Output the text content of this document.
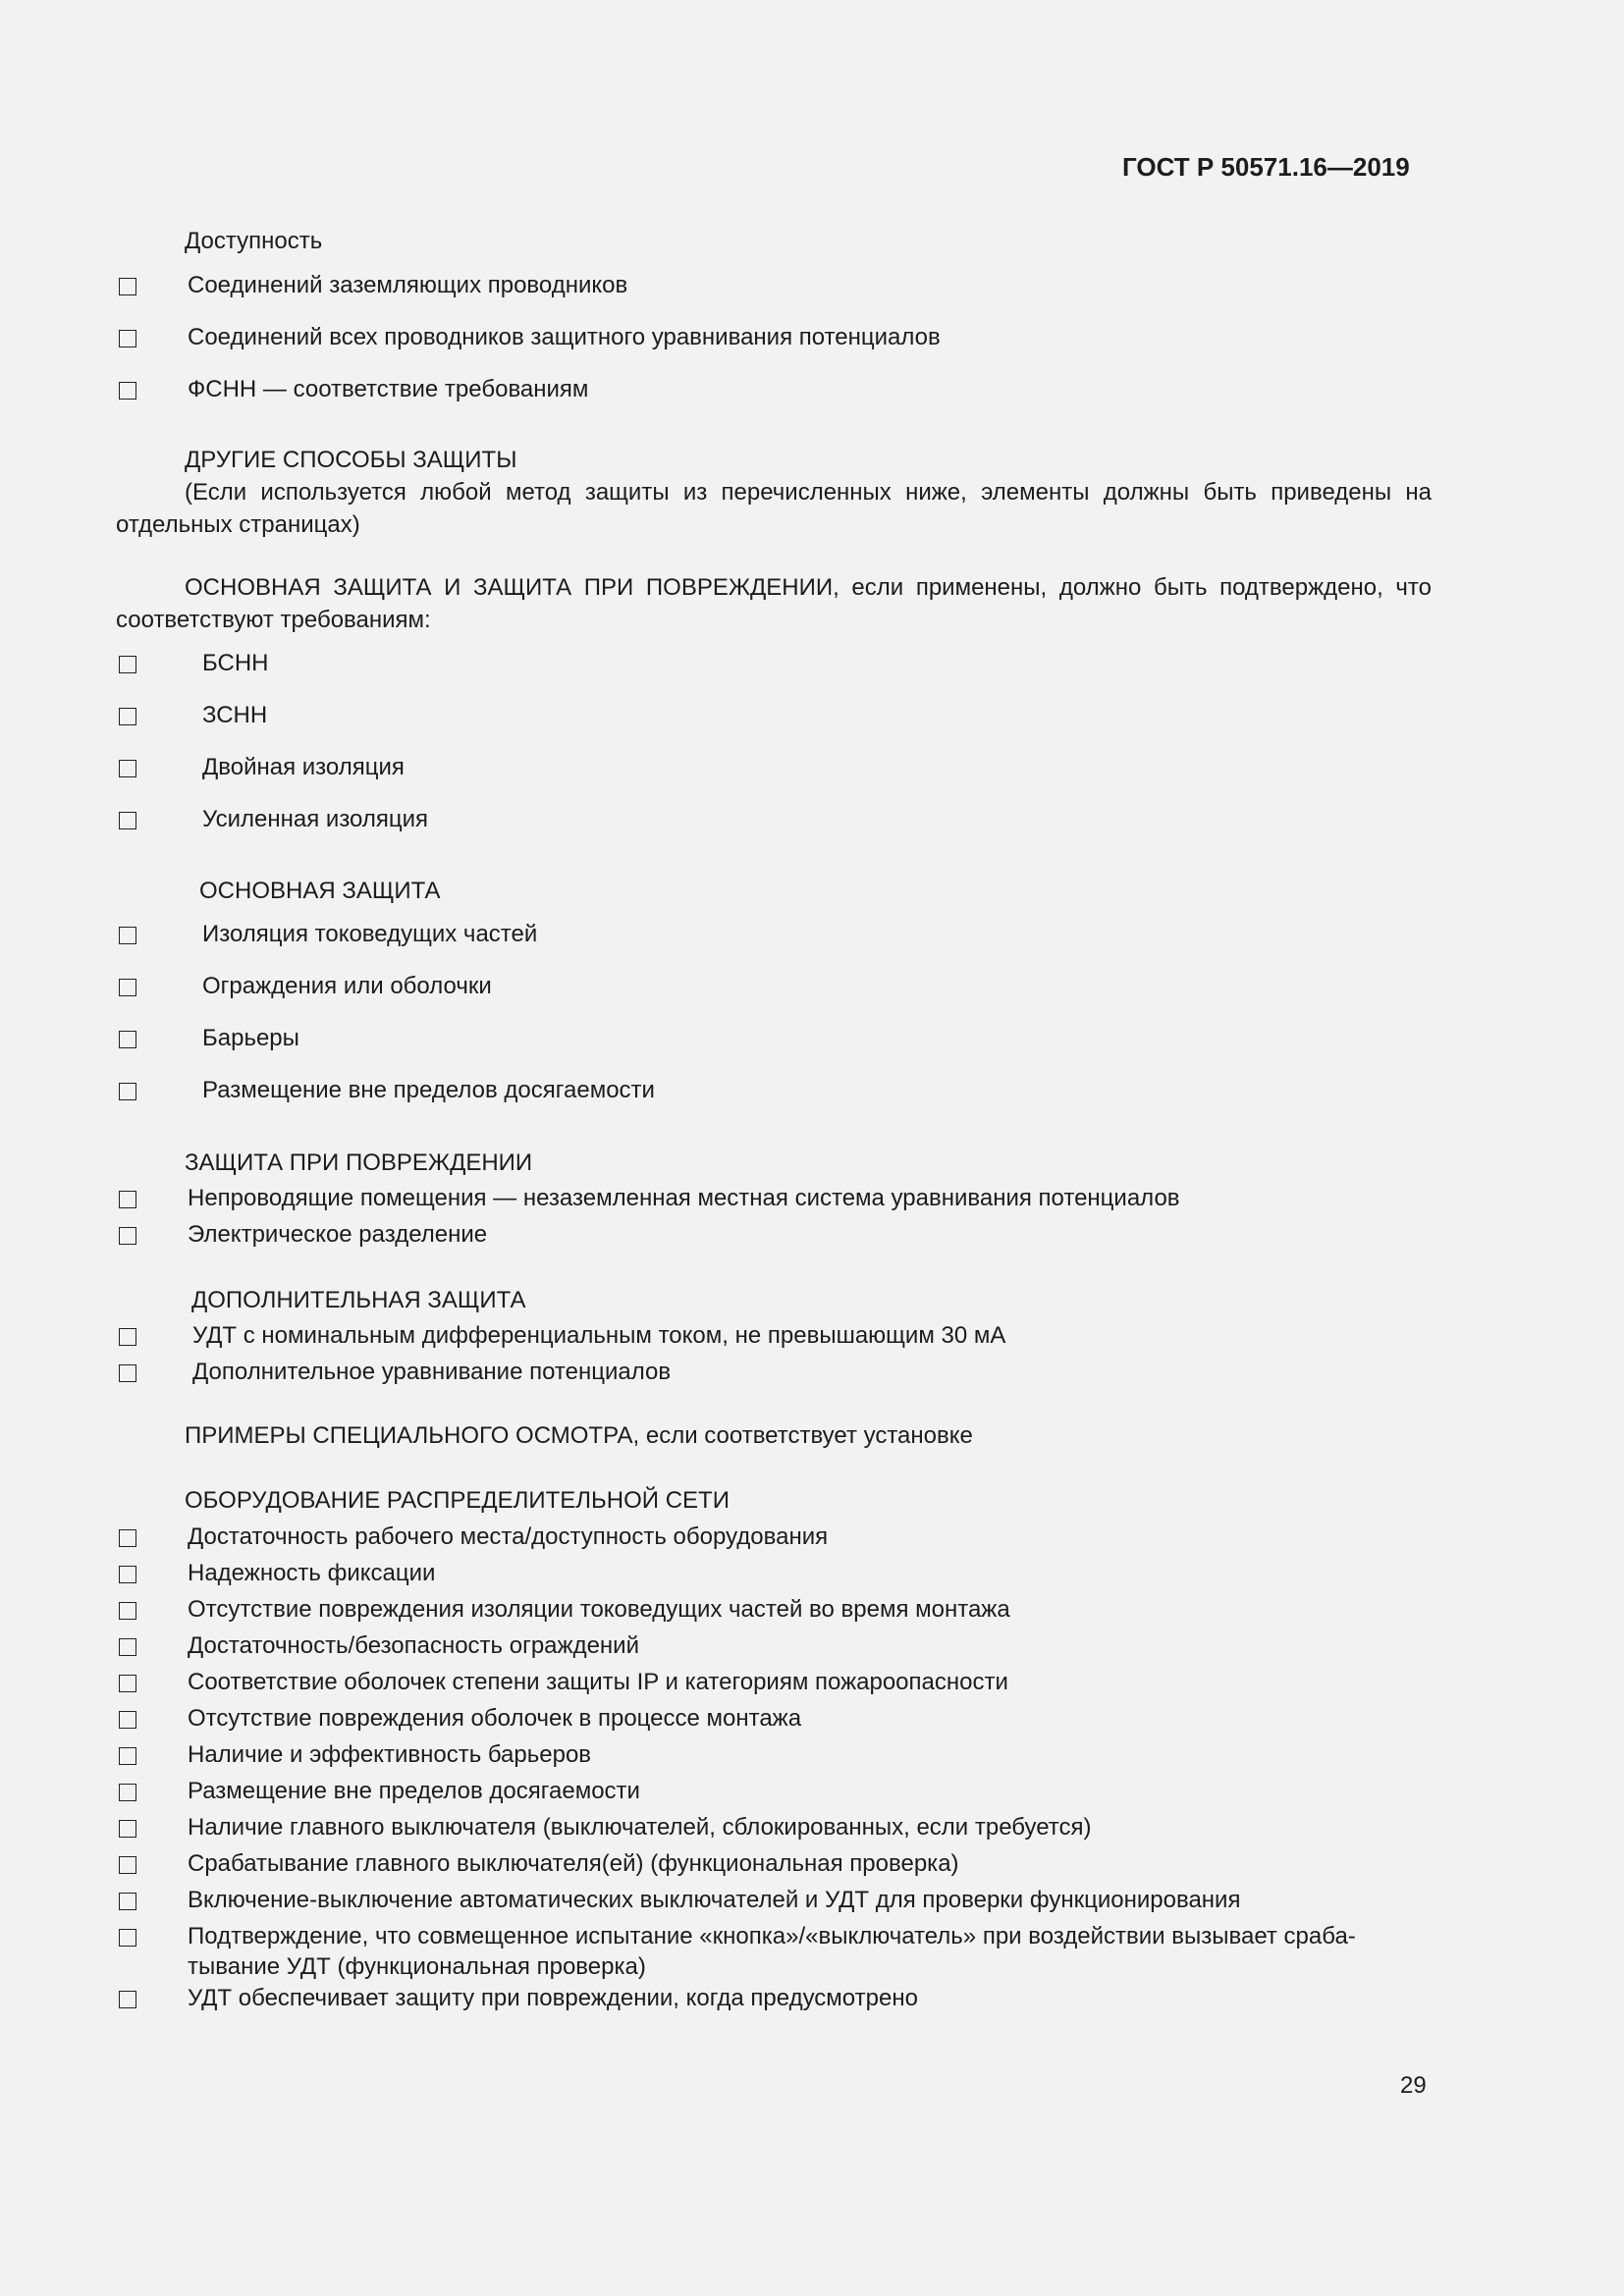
ГОСТ Р 50571.16—2019
Доступность
Соединений заземляющих проводников
Соединений всех проводников защитного уравнивания потенциалов
ФСНН — соответствие требованиям
ДРУГИЕ СПОСОБЫ ЗАЩИТЫ
(Если используется любой метод защиты из перечисленных ниже, элементы должны быть приведены на отдельных страницах)
ОСНОВНАЯ ЗАЩИТА И ЗАЩИТА ПРИ ПОВРЕЖДЕНИИ, если применены, должно быть подтверждено, что соответствуют требованиям:
БСНН
ЗСНН
Двойная изоляция
Усиленная изоляция
ОСНОВНАЯ ЗАЩИТА
Изоляция токоведущих частей
Ограждения или оболочки
Барьеры
Размещение вне пределов досягаемости
ЗАЩИТА ПРИ ПОВРЕЖДЕНИИ
Непроводящие помещения — незаземленная местная система уравнивания потенциалов
Электрическое разделение
ДОПОЛНИТЕЛЬНАЯ ЗАЩИТА
УДТ с номинальным дифференциальным током, не превышающим 30 мА
Дополнительное уравнивание потенциалов
ПРИМЕРЫ СПЕЦИАЛЬНОГО ОСМОТРА, если соответствует установке
ОБОРУДОВАНИЕ РАСПРЕДЕЛИТЕЛЬНОЙ СЕТИ
Достаточность рабочего места/доступность оборудования
Надежность фиксации
Отсутствие повреждения изоляции токоведущих частей во время монтажа
Достаточность/безопасность ограждений
Соответствие оболочек степени защиты IP и категориям пожароопасности
Отсутствие повреждения оболочек в процессе монтажа
Наличие и эффективность барьеров
Размещение вне пределов досягаемости
Наличие главного выключателя (выключателей, сблокированных, если требуется)
Срабатывание главного выключателя(ей) (функциональная проверка)
Включение-выключение автоматических выключателей и УДТ для проверки функционирования
Подтверждение, что совмещенное испытание «кнопка»/«выключатель» при воздействии вызывает сраба-
тывание УДТ (функциональная проверка)
УДТ обеспечивает защиту при повреждении, когда предусмотрено
29
